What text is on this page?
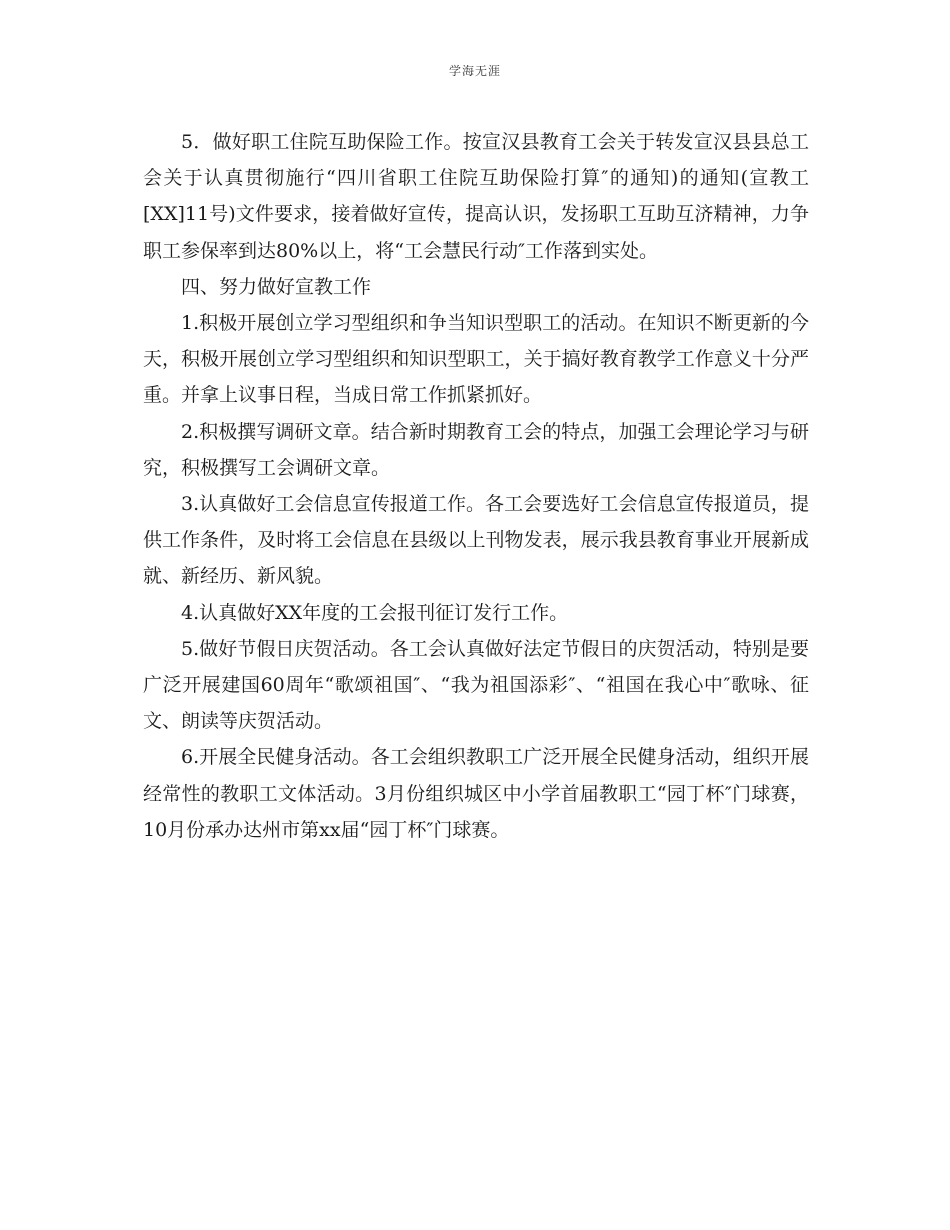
学海无涯

5．做好职工住院互助保险工作。按宣汉县教育工会关于转发宣汉县县总工会关于认真贯彻施行“四川省职工住院互助保险打算″的通知)的通知(宣教工[XX]11号)文件要求，接着做好宣传，提高认识，发扬职工互助互济精神，力争职工参保率到达80%以上，将“工会慧民行动″工作落到实处。

四、努力做好宣教工作

1.积极开展创立学习型组织和争当知识型职工的活动。在知识不断更新的今天，积极开展创立学习型组织和知识型职工，关于搞好教育教学工作意义十分严重。并拿上议事日程，当成日常工作抓紧抓好。

2.积极撰写调研文章。结合新时期教育工会的特点，加强工会理论学习与研究，积极撰写工会调研文章。

3.认真做好工会信息宣传报道工作。各工会要选好工会信息宣传报道员，提供工作条件，及时将工会信息在县级以上刊物发表，展示我县教育事业开展新成就、新经历、新风貌。

4.认真做好XX年度的工会报刊征订发行工作。

5.做好节假日庆贺活动。各工会认真做好法定节假日的庆贺活动，特别是要广泛开展建国60周年“歌颂祖国″、“我为祖国添彩″、“祖国在我心中″歌咏、征文、朗读等庆贺活动。

6.开展全民健身活动。各工会组织教职工广泛开展全民健身活动，组织开展经常性的教职工文体活动。3月份组织城区中小学首届教职工“园丁杯″门球赛，10月份承办达州市第xx届“园丁杯″门球赛。
